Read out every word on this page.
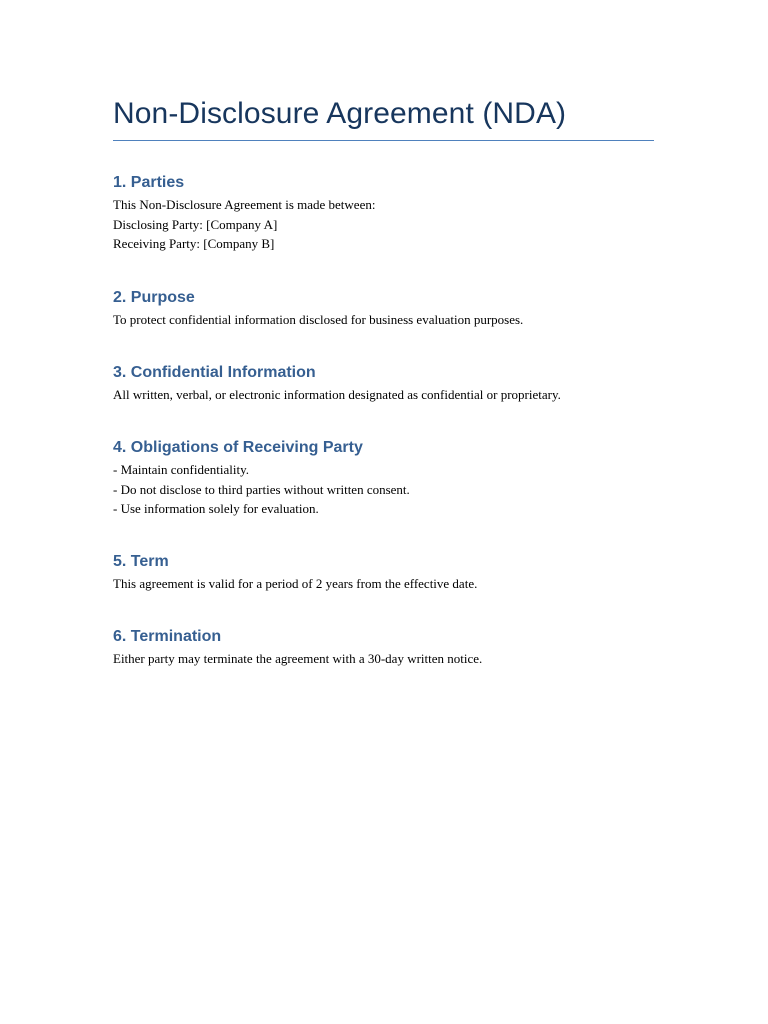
Non-Disclosure Agreement (NDA)
1. Parties
This Non-Disclosure Agreement is made between:
Disclosing Party: [Company A]
Receiving Party: [Company B]
2. Purpose
To protect confidential information disclosed for business evaluation purposes.
3. Confidential Information
All written, verbal, or electronic information designated as confidential or proprietary.
4. Obligations of Receiving Party
- Maintain confidentiality.
- Do not disclose to third parties without written consent.
- Use information solely for evaluation.
5. Term
This agreement is valid for a period of 2 years from the effective date.
6. Termination
Either party may terminate the agreement with a 30-day written notice.
